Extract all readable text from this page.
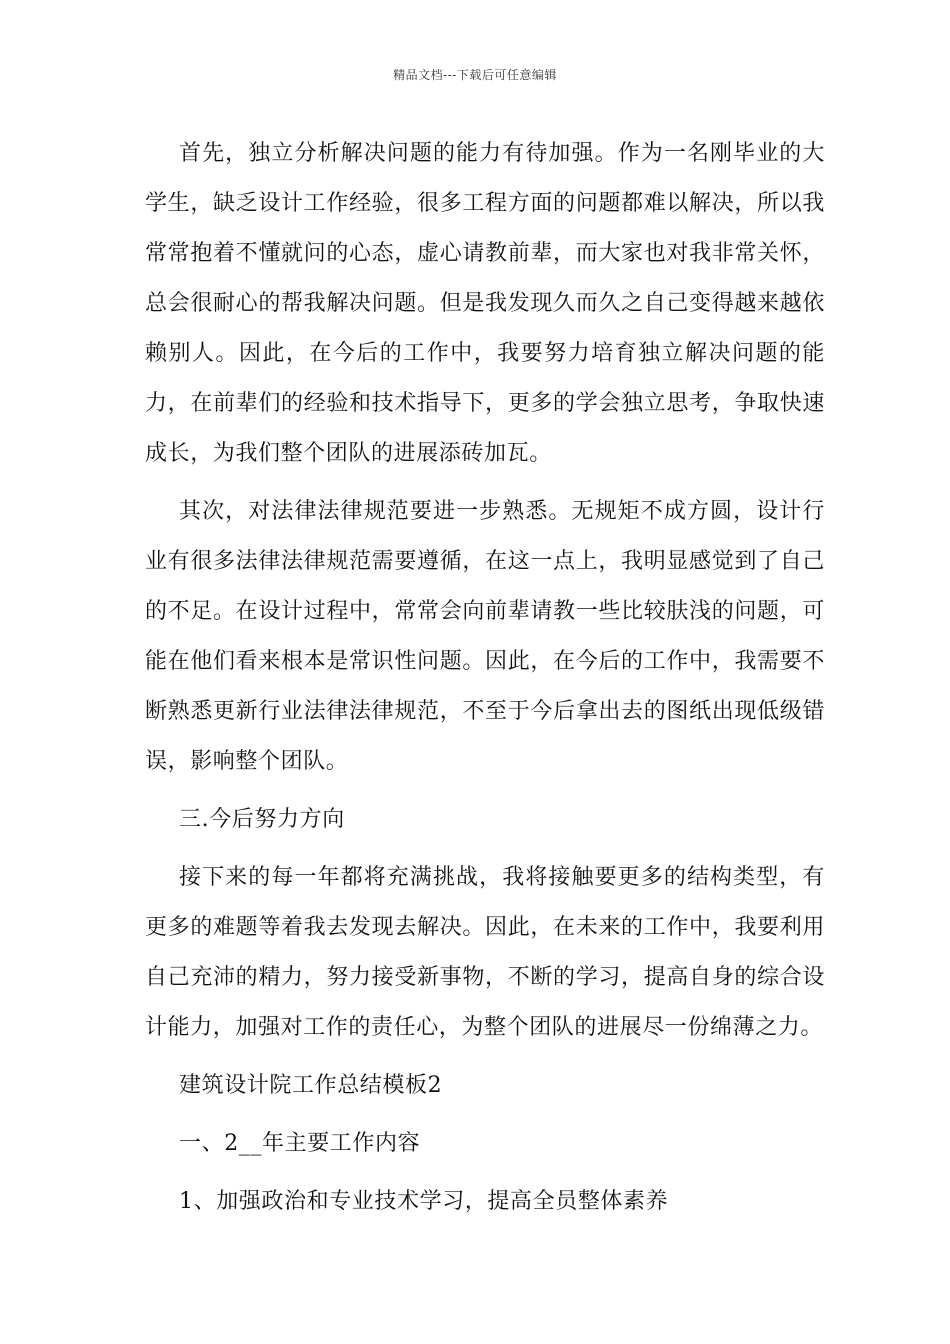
精品文档---下载后可任意编辑

首先，独立分析解决问题的能力有待加强。作为一名刚毕业的大学生，缺乏设计工作经验，很多工程方面的问题都难以解决，所以我常常抱着不懂就问的心态，虚心请教前辈，而大家也对我非常关怀，总会很耐心的帮我解决问题。但是我发现久而久之自己变得越来越依赖别人。因此，在今后的工作中，我要努力培育独立解决问题的能力，在前辈们的经验和技术指导下，更多的学会独立思考，争取快速成长，为我们整个团队的进展添砖加瓦。

其次，对法律法律规范要进一步熟悉。无规矩不成方圆，设计行业有很多法律法律规范需要遵循，在这一点上，我明显感觉到了自己的不足。在设计过程中，常常会向前辈请教一些比较肤浅的问题，可能在他们看来根本是常识性问题。因此，在今后的工作中，我需要不断熟悉更新行业法律法律规范，不至于今后拿出去的图纸出现低级错误，影响整个团队。

三.今后努力方向

接下来的每一年都将充满挑战，我将接触要更多的结构类型，有更多的难题等着我去发现去解决。因此，在未来的工作中，我要利用自己充沛的精力，努力接受新事物，不断的学习，提高自身的综合设计能力，加强对工作的责任心，为整个团队的进展尽一份绵薄之力。

建筑设计院工作总结模板2

一、2__年主要工作内容

1、加强政治和专业技术学习，提高全员整体素养
